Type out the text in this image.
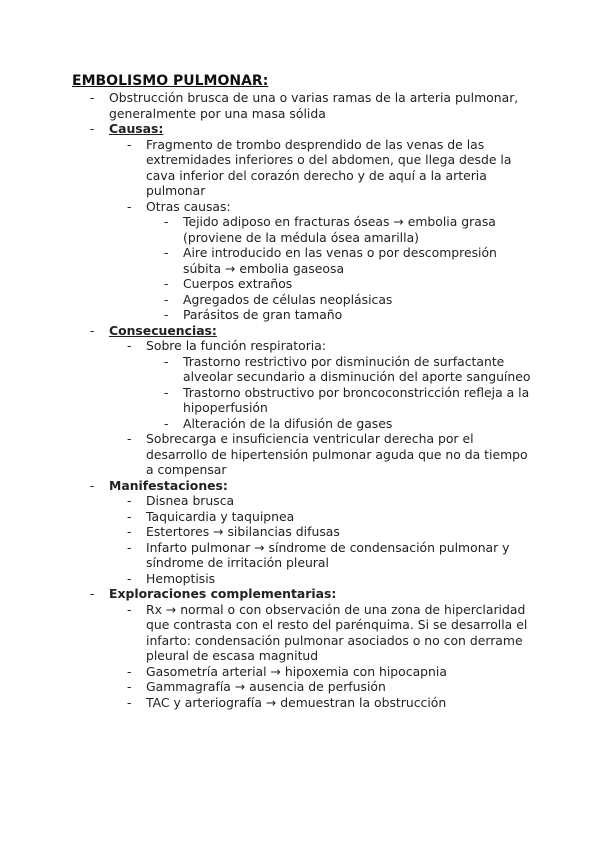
EMBOLISMO PULMONAR:
- Obstrucción brusca de una o varias ramas de la arteria pulmonar, generalmente por una masa sólida
- Causas:
- Fragmento de trombo desprendido de las venas de las extremidades inferiores o del abdomen, que llega desde la cava inferior del corazón derecho y de aquí a la arteria pulmonar
- Otras causas:
- Tejido adiposo en fracturas óseas → embolia grasa (proviene de la médula ósea amarilla)
- Aire introducido en las venas o por descompresión súbita → embolia gaseosa
- Cuerpos extraños
- Agregados de células neoplásicas
- Parásitos de gran tamaño
- Consecuencias:
- Sobre la función respiratoria:
- Trastorno restrictivo por disminución de surfactante alveolar secundario a disminución del aporte sanguíneo
- Trastorno obstructivo por broncoconstricción refleja a la hipoperfusión
- Alteración de la difusión de gases
- Sobrecarga e insuficiencia ventricular derecha por el desarrollo de hipertensión pulmonar aguda que no da tiempo a compensar
- Manifestaciones:
- Disnea brusca
- Taquicardia y taquipnea
- Estertores → sibilancias difusas
- Infarto pulmonar → síndrome de condensación pulmonar y síndrome de irritación pleural
- Hemoptisis
- Exploraciones complementarias:
- Rx → normal o con observación de una zona de hiperclaridad que contrasta con el resto del parénquima. Si se desarrolla el infarto: condensación pulmonar asociados o no con derrame pleural de escasa magnitud
- Gasometría arterial → hipoxemia con hipocapnia
- Gammagrafía → ausencia de perfusión
- TAC y arteriografía → demuestran la obstrucción
